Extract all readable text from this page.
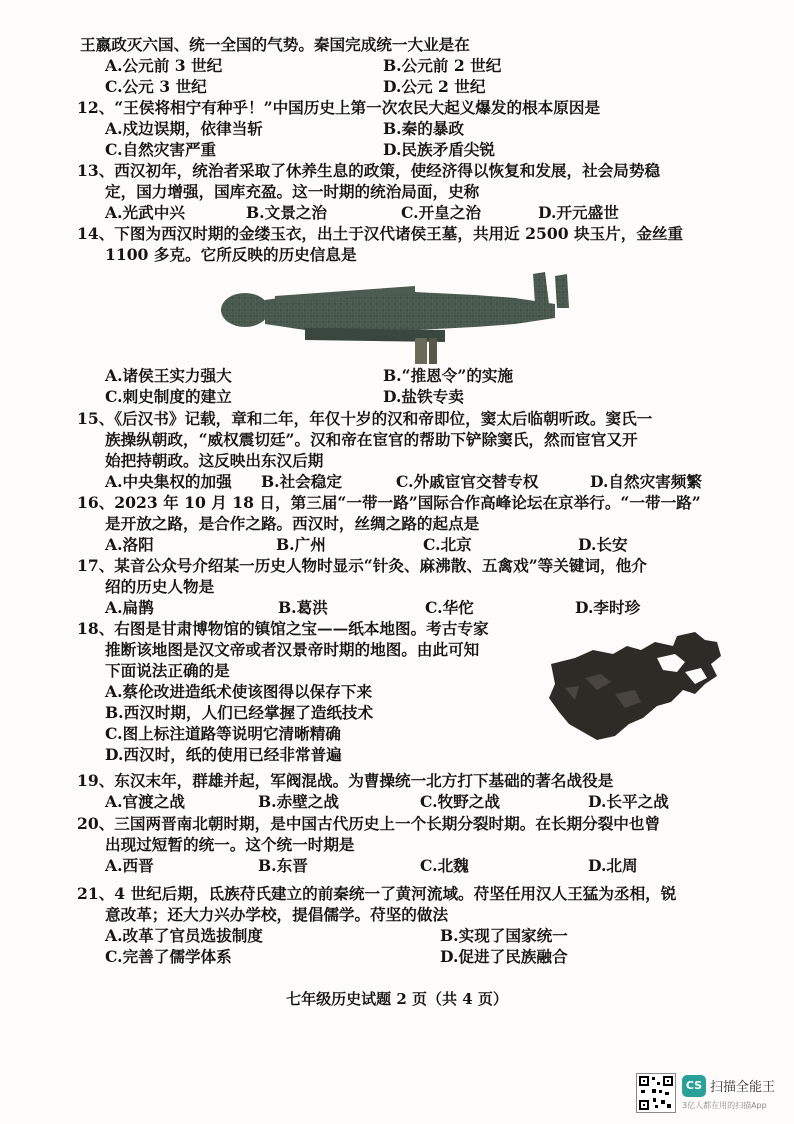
王嬴政灭六国、统一全国的气势。秦国完成统一大业是在
A.公元前 3 世纪	B.公元前 2 世纪
C.公元 3 世纪	D.公元 2 世纪
12、“王侯将相宁有种乎！”中国历史上第一次农民大起义爆发的根本原因是
A.戍边误期，依律当斩	B.秦的暴政
C.自然灾害严重	D.民族矛盾尖锐
13、西汉初年，统治者采取了休养生息的政策，使经济得以恢复和发展，社会局势稳
定，国力增强，国库充盈。这一时期的统治局面，史称
A.光武中兴	B.文景之治	C.开皇之治	D.开元盛世
14、下图为西汉时期的金缕玉衣，出土于汉代诸侯王墓，共用近 2500 块玉片，金丝重
1100 多克。它所反映的历史信息是
A.诸侯王实力强大	B.“推恩令”的实施
C.刺史制度的建立	D.盐铁专卖
15、《后汉书》记载，章和二年，年仅十岁的汉和帝即位，窦太后临朝听政。窦氏一
族操纵朝政，“威权震切廷”。汉和帝在宦官的帮助下铲除窦氏，然而宦官又开
始把持朝政。这反映出东汉后期
A.中央集权的加强 B.社会稳定	C.外戚宦官交替专权	D.自然灾害频繁
16、2023 年 10 月 18 日，第三届“一带一路”国际合作高峰论坛在京举行。“一带一路”
是开放之路，是合作之路。西汉时，丝绸之路的起点是
A.洛阳	B.广州	C.北京	D.长安
17、某音公众号介绍某一历史人物时显示“针灸、麻沸散、五禽戏”等关键词，他介
绍的历史人物是
A.扁鹊	B.葛洪	C.华佗	D.李时珍
18、右图是甘肃博物馆的镇馆之宝——纸本地图。考古专家
推断该地图是汉文帝或者汉景帝时期的地图。由此可知
下面说法正确的是
A.蔡伦改进造纸术使该图得以保存下来
B.西汉时期，人们已经掌握了造纸技术
C.图上标注道路等说明它清晰精确
D.西汉时，纸的使用已经非常普遍
19、东汉末年，群雄并起，军阀混战。为曹操统一北方打下基础的著名战役是
A.官渡之战	B.赤壁之战	C.牧野之战	D.长平之战
20、三国两晋南北朝时期，是中国古代历史上一个长期分裂时期。在长期分裂中也曾
出现过短暂的统一。这个统一时期是
A.西晋	B.东晋	C.北魏	D.北周
21、4 世纪后期，氐族苻氏建立的前秦统一了黄河流域。苻坚任用汉人王猛为丞相，锐
意改革；还大力兴办学校，提倡儒学。苻坚的做法
A.改革了官员选拔制度	B.实现了国家统一
C.完善了儒学体系	D.促进了民族融合
七年级历史试题 2 页（共 4 页）
CS 扫描全能王
3亿人都在用的扫描App
